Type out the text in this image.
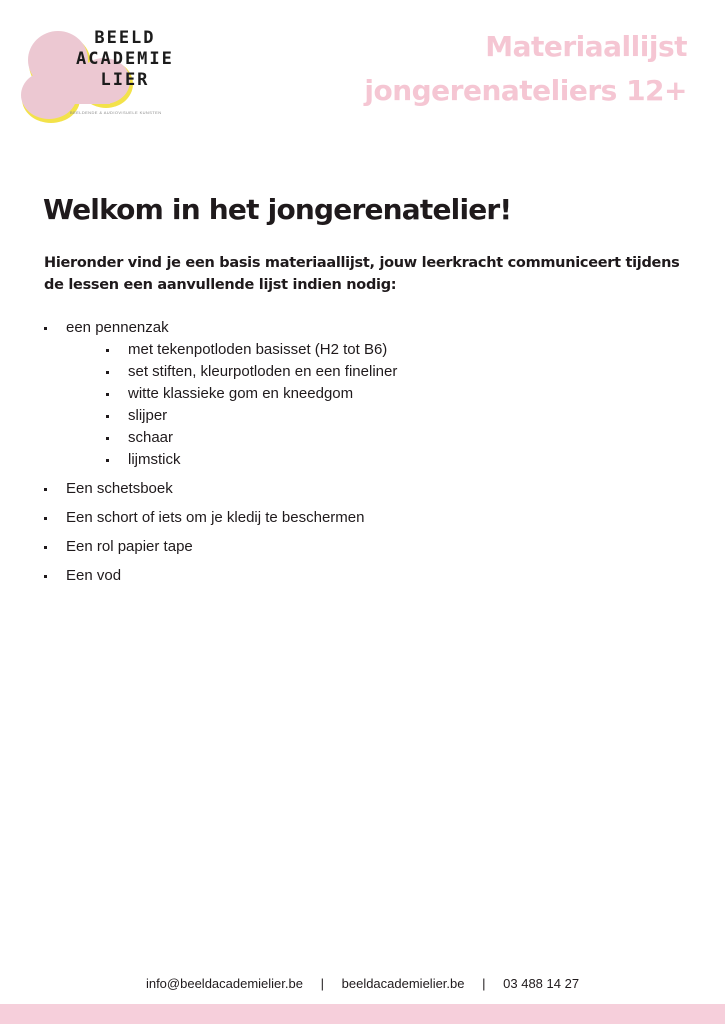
BEELD
ACADEMIE
LIER
BEELDENDE & AUDIOVISUELE KUNSTEN
Materiaallijst
jongerenateliers 12+
Welkom in het jongerenatelier!
Hieronder vind je een basis materiaallijst, jouw leerkracht communiceert tijdens de lessen een aanvullende lijst indien nodig:
een pennenzak
met tekenpotloden basisset (H2 tot B6)
set stiften, kleurpotloden en een fineliner
witte klassieke gom en kneedgom
slijper
schaar
lijmstick
Een schetsboek
Een schort of iets om je kledij te beschermen
Een rol papier tape
Een vod
info@beeldacademielier.be | beeldacademielier.be | 03 488 14 27
